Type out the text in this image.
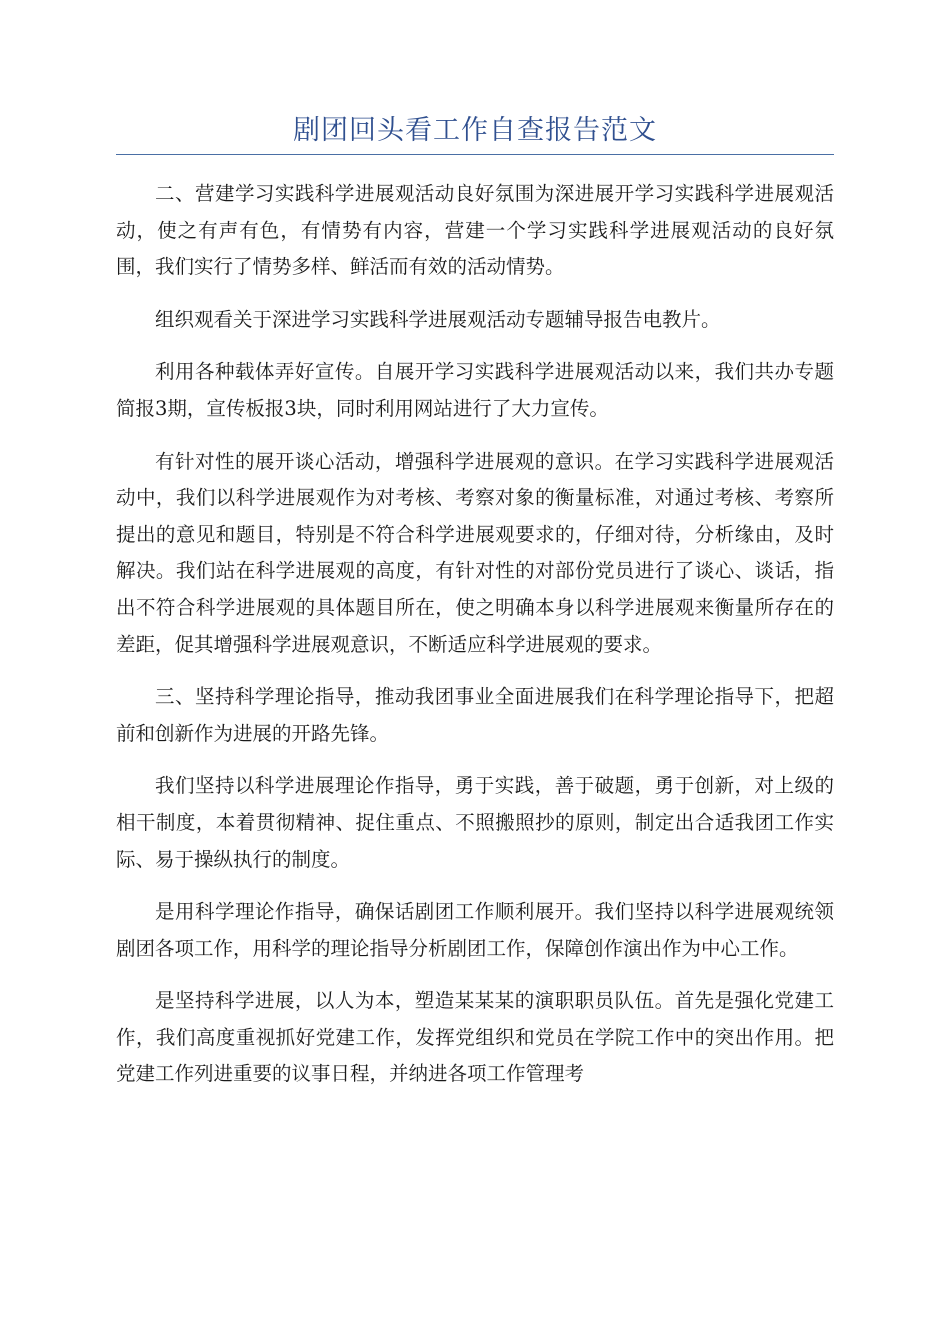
剧团回头看工作自查报告范文

二、营建学习实践科学进展观活动良好氛围为深进展开学习实践科学进展观活动，使之有声有色，有情势有内容，营建一个学习实践科学进展观活动的良好氛围，我们实行了情势多样、鲜活而有效的活动情势。

组织观看关于深进学习实践科学进展观活动专题辅导报告电教片。

利用各种载体弄好宣传。自展开学习实践科学进展观活动以来，我们共办专题简报3期，宣传板报3块，同时利用网站进行了大力宣传。

有针对性的展开谈心活动，增强科学进展观的意识。在学习实践科学进展观活动中，我们以科学进展观作为对考核、考察对象的衡量标准，对通过考核、考察所提出的意见和题目，特别是不符合科学进展观要求的，仔细对待，分析缘由，及时解决。我们站在科学进展观的高度，有针对性的对部份党员进行了谈心、谈话，指出不符合科学进展观的具体题目所在，使之明确本身以科学进展观来衡量所存在的差距，促其增强科学进展观意识，不断适应科学进展观的要求。

三、坚持科学理论指导，推动我团事业全面进展我们在科学理论指导下，把超前和创新作为进展的开路先锋。

我们坚持以科学进展理论作指导，勇于实践，善于破题，勇于创新，对上级的相干制度，本着贯彻精神、捉住重点、不照搬照抄的原则，制定出合适我团工作实际、易于操纵执行的制度。

是用科学理论作指导，确保话剧团工作顺利展开。我们坚持以科学进展观统领剧团各项工作，用科学的理论指导分析剧团工作，保障创作演出作为中心工作。

是坚持科学进展，以人为本，塑造某某某的演职职员队伍。首先是强化党建工作，我们高度重视抓好党建工作，发挥党组织和党员在学院工作中的突出作用。把党建工作列进重要的议事日程，并纳进各项工作管理考
